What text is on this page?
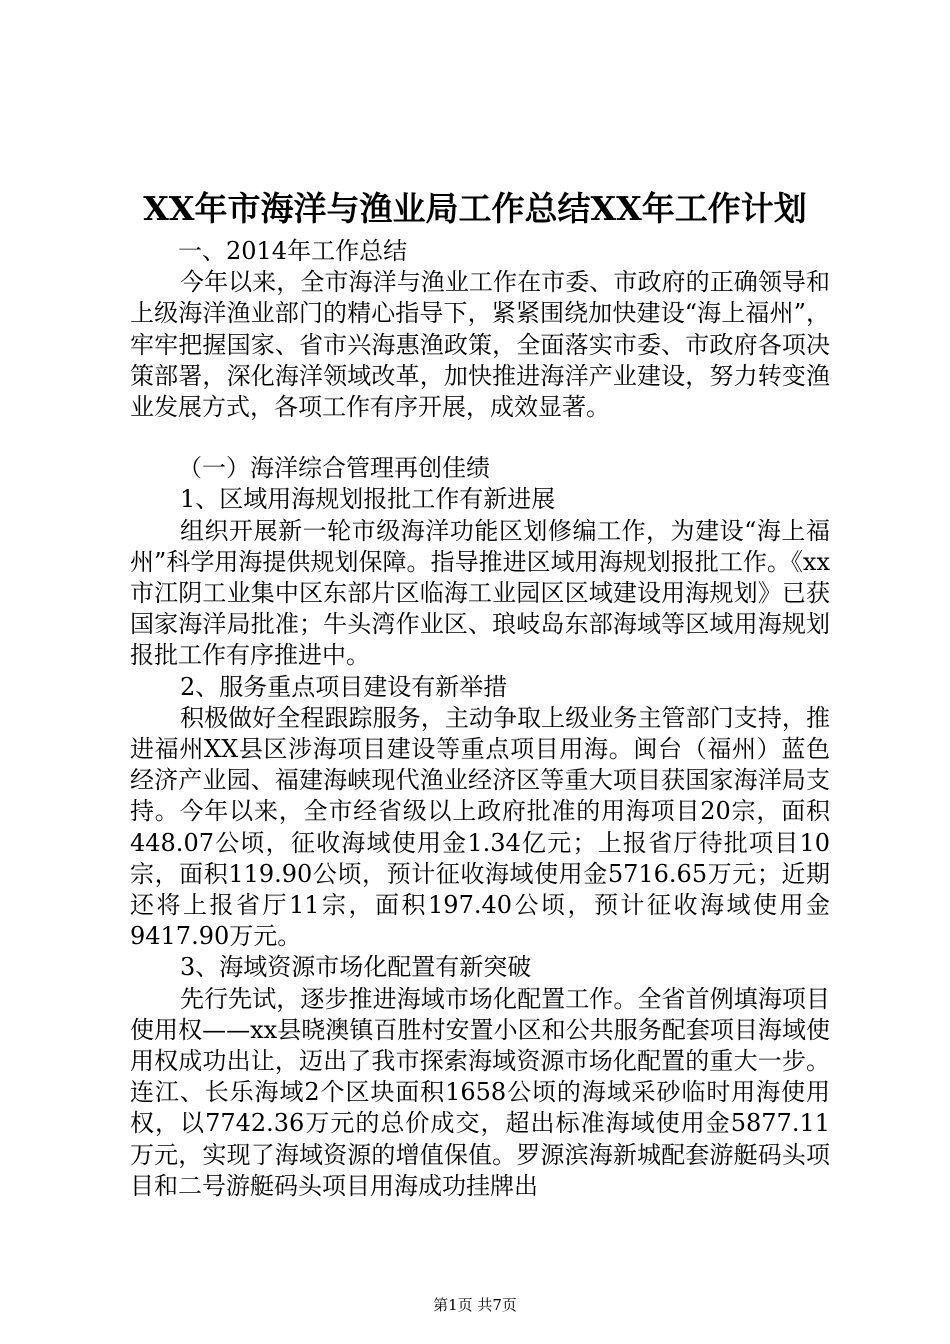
XX年市海洋与渔业局工作总结XX年工作计划

一、2014年工作总结

今年以来，全市海洋与渔业工作在市委、市政府的正确领导和上级海洋渔业部门的精心指导下，紧紧围绕加快建设“海上福州”，牢牢把握国家、省市兴海惠渔政策，全面落实市委、市政府各项决策部署，深化海洋领域改革，加快推进海洋产业建设，努力转变渔业发展方式，各项工作有序开展，成效显著。

（一）海洋综合管理再创佳绩

1、区域用海规划报批工作有新进展

组织开展新一轮市级海洋功能区划修编工作，为建设“海上福州”科学用海提供规划保障。指导推进区域用海规划报批工作。《xx市江阴工业集中区东部片区临海工业园区区域建设用海规划》已获国家海洋局批准；牛头湾作业区、琅岐岛东部海域等区域用海规划报批工作有序推进中。

2、服务重点项目建设有新举措

积极做好全程跟踪服务，主动争取上级业务主管部门支持，推进福州XX县区涉海项目建设等重点项目用海。闽台（福州）蓝色经济产业园、福建海峡现代渔业经济区等重大项目获国家海洋局支持。今年以来，全市经省级以上政府批准的用海项目20宗，面积448.07公顷，征收海域使用金1.34亿元；上报省厅待批项目10宗，面积119.90公顷，预计征收海域使用金5716.65万元；近期还将上报省厅11宗，面积197.40公顷，预计征收海域使用金9417.90万元。

3、海域资源市场化配置有新突破

先行先试，逐步推进海域市场化配置工作。全省首例填海项目使用权——xx县晓澳镇百胜村安置小区和公共服务配套项目海域使用权成功出让，迈出了我市探索海域资源市场化配置的重大一步。连江、长乐海域2个区块面积1658公顷的海域采砂临时用海使用权，以7742.36万元的总价成交，超出标准海域使用金5877.11万元，实现了海域资源的增值保值。罗源滨海新城配套游艇码头项目和二号游艇码头项目用海成功挂牌出

第1页 共7页
